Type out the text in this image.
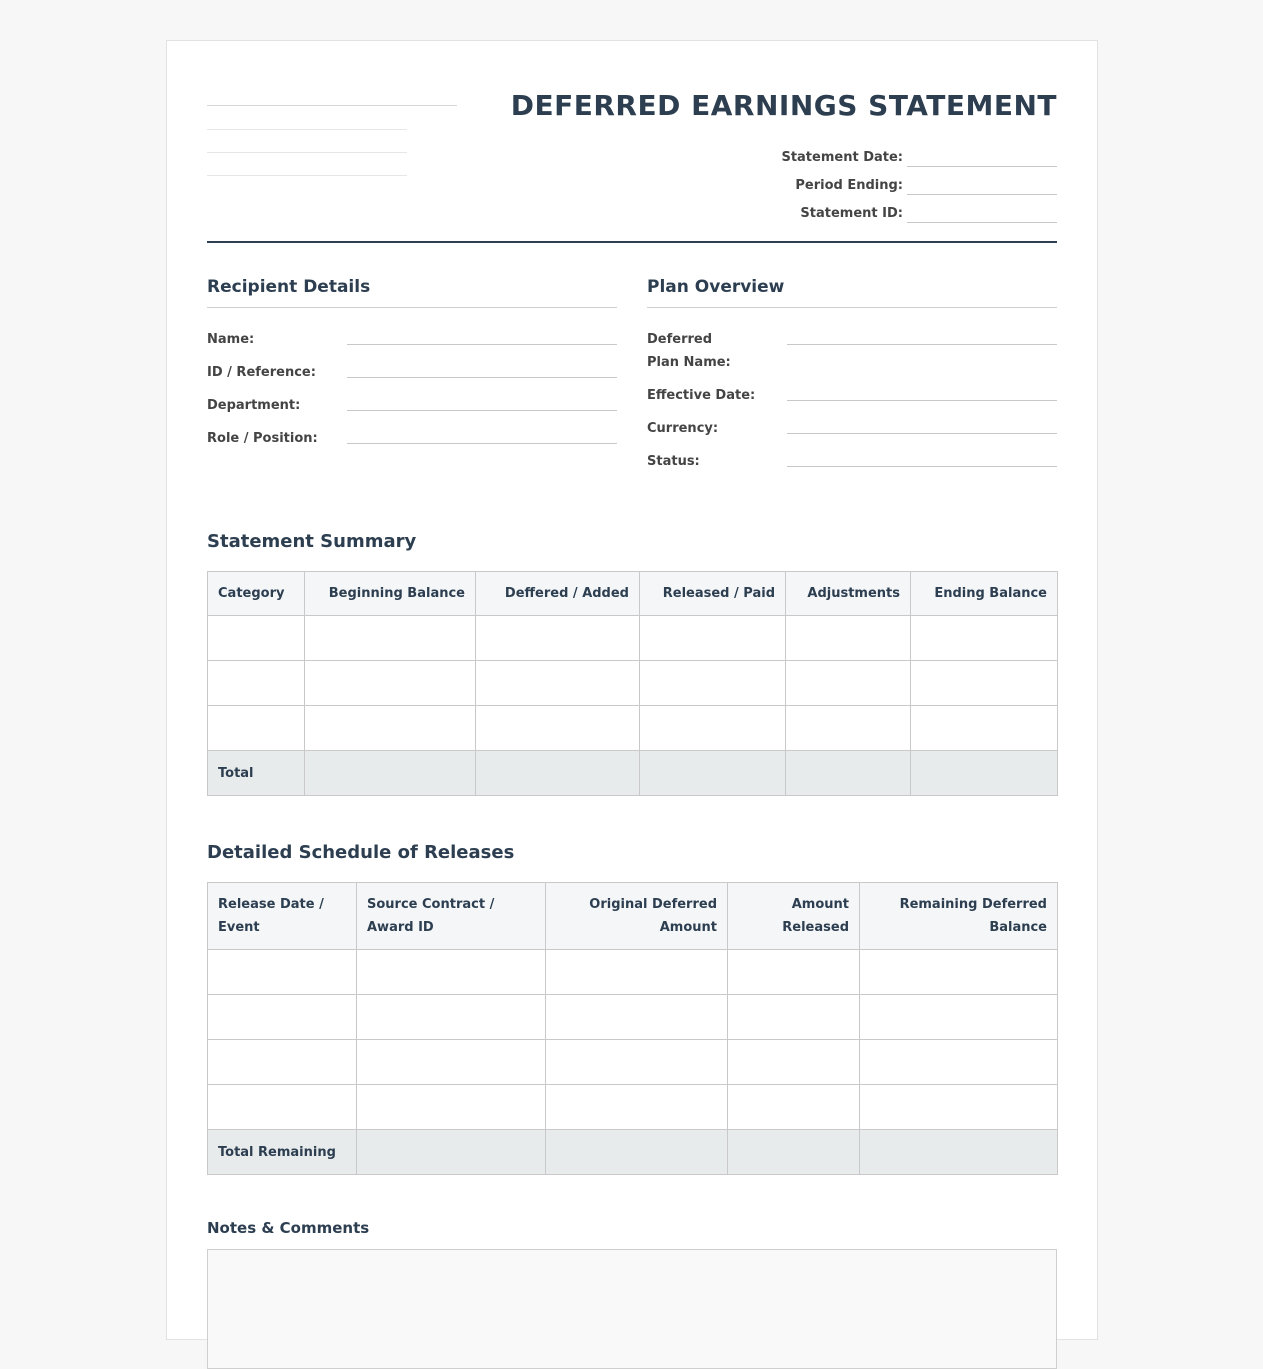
DEFERRED EARNINGS STATEMENT
Statement Date:
Period Ending:
Statement ID:
Recipient Details
Name:
ID / Reference:
Department:
Role / Position:
Plan Overview
Deferred Plan Name:
Effective Date:
Currency:
Status:
Statement Summary
Category	Beginning Balance	Deffered / Added	Released / Paid	Adjustments	Ending Balance

Total					
Detailed Schedule of Releases
Release Date / Event	Source Contract / Award ID	Original Deferred Amount	Amount Released	Remaining Deferred Balance

Total Remaining				
Notes & Comments
